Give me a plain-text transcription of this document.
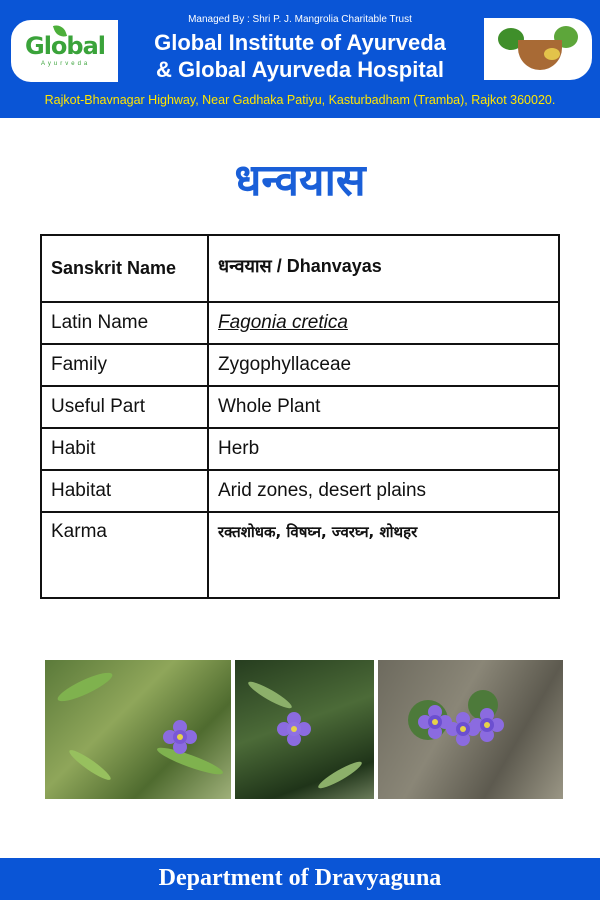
Global
Ayurveda
Managed By : Shri P. J. Mangrolia Charitable Trust
Global Institute of Ayurveda
& Global Ayurveda Hospital
Rajkot-Bhavnagar Highway, Near Gadhaka Patiyu, Kasturbadham (Tramba), Rajkot 360020.
धन्वयास
Sanskrit Name	धन्वयास / Dhanvayas
Latin Name	Fagonia cretica
Family	Zygophyllaceae
Useful Part	Whole Plant
Habit	Herb
Habitat	Arid zones, desert plains
Karma	रक्तशोधक, विषघ्न, ज्वरघ्न, शोथहर
Department of Dravyaguna
